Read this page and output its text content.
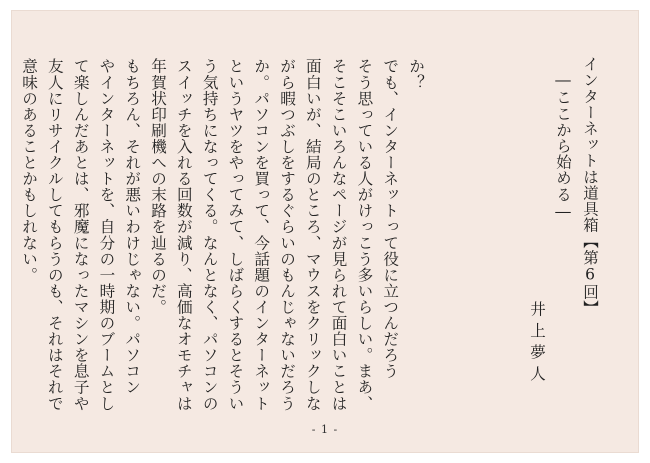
インターネットは道具箱【第6回】
―ここから始める―
井上夢人

か？
でも、インターネットって役に立つんだろう
そう思っている人がけっこう多いらしい。まあ、
そこそこいろんなページが見られて面白いことは
面白いが、結局のところ、マウスをクリックしな
がら暇つぶしをするぐらいのもんじゃないだろう
か。パソコンを買って、今話題のインターネット
というヤツをやってみて、しばらくするとそうい
う気持ちになってくる。なんとなく、パソコンの
スイッチを入れる回数が減り、高価なオモチャは
年賀状印刷機への末路を辿るのだ。

もちろん、それが悪いわけじゃない。パソコン
やインターネットを、自分の一時期のブームとし
て楽しんだあとは、邪魔になったマシンを息子や
友人にリサイクルしてもらうのも、それはそれで
意味のあることかもしれない。

- 1 -
